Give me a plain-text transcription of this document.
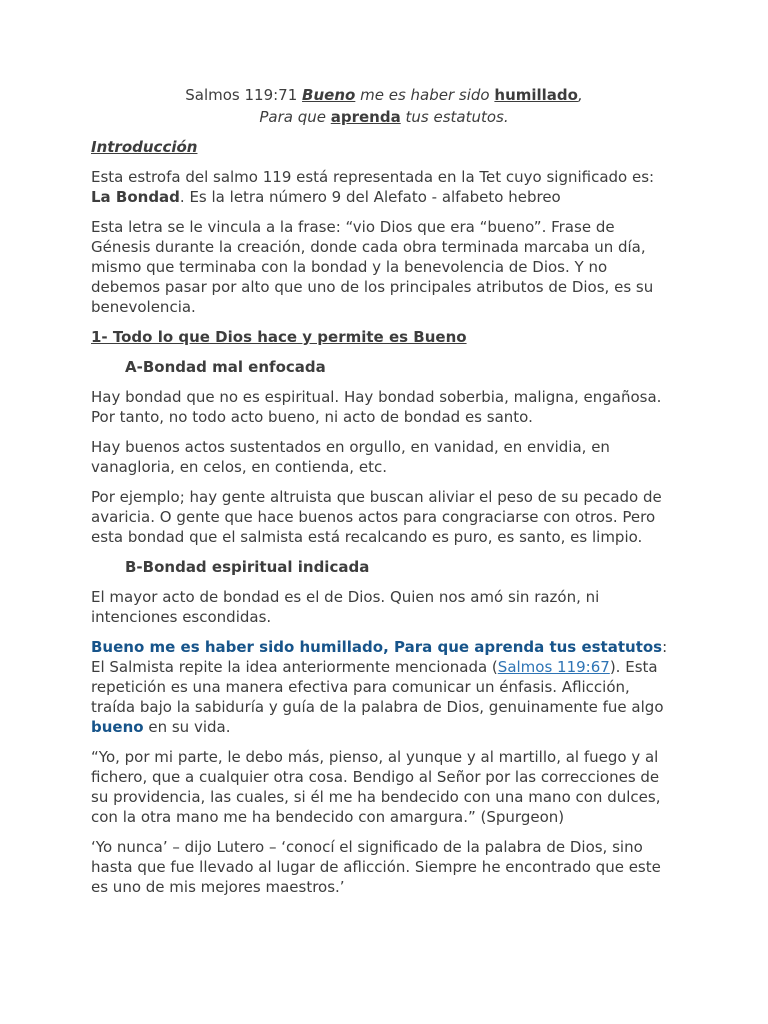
Salmos 119:71 Bueno me es haber sido humillado,

Para que aprenda tus estatutos.

Introducción

Esta estrofa del salmo 119 está representada en la Tet cuyo significado es: La Bondad. Es la letra número 9 del Alefato - alfabeto hebreo

Esta letra se le vincula a la frase: “vio Dios que era “bueno”. Frase de Génesis durante la creación, donde cada obra terminada marcaba un día, mismo que terminaba con la bondad y la benevolencia de Dios. Y no debemos pasar por alto que uno de los principales atributos de Dios, es su benevolencia.

1- Todo lo que Dios hace y permite es Bueno

A-Bondad mal enfocada

Hay bondad que no es espiritual. Hay bondad soberbia, maligna, engañosa. Por tanto, no todo acto bueno, ni acto de bondad es santo.

Hay buenos actos sustentados en orgullo, en vanidad, en envidia, en vanagloria, en celos, en contienda, etc.

Por ejemplo; hay gente altruista que buscan aliviar el peso de su pecado de avaricia. O gente que hace buenos actos para congraciarse con otros. Pero esta bondad que el salmista está recalcando es puro, es santo, es limpio.

B-Bondad espiritual indicada

El mayor acto de bondad es el de Dios. Quien nos amó sin razón, ni intenciones escondidas.

Bueno me es haber sido humillado, Para que aprenda tus estatutos: El Salmista repite la idea anteriormente mencionada (Salmos 119:67). Esta repetición es una manera efectiva para comunicar un énfasis. Aflicción, traída bajo la sabiduría y guía de la palabra de Dios, genuinamente fue algo bueno en su vida.

“Yo, por mi parte, le debo más, pienso, al yunque y al martillo, al fuego y al fichero, que a cualquier otra cosa. Bendigo al Señor por las correcciones de su providencia, las cuales, si él me ha bendecido con una mano con dulces, con la otra mano me ha bendecido con amargura.” (Spurgeon)

‘Yo nunca’ – dijo Lutero – ‘conocí el significado de la palabra de Dios, sino hasta que fue llevado al lugar de aflicción. Siempre he encontrado que este es uno de mis mejores maestros.’
